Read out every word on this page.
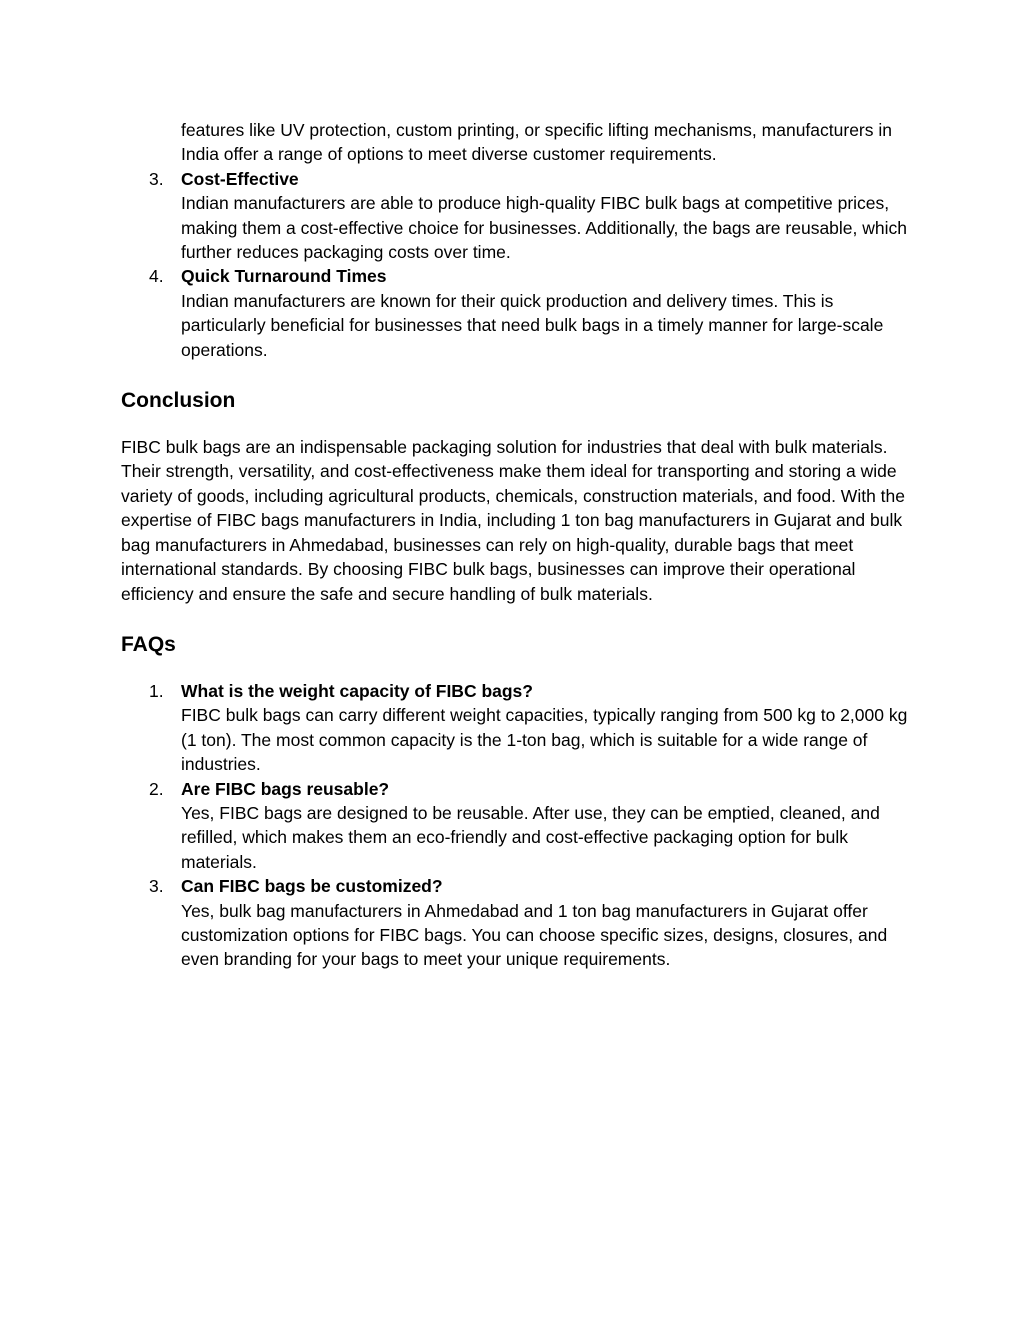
features like UV protection, custom printing, or specific lifting mechanisms, manufacturers in India offer a range of options to meet diverse customer requirements.

3. Cost-Effective

Indian manufacturers are able to produce high-quality FIBC bulk bags at competitive prices, making them a cost-effective choice for businesses. Additionally, the bags are reusable, which further reduces packaging costs over time.

4. Quick Turnaround Times

Indian manufacturers are known for their quick production and delivery times. This is particularly beneficial for businesses that need bulk bags in a timely manner for large-scale operations.

Conclusion

FIBC bulk bags are an indispensable packaging solution for industries that deal with bulk materials. Their strength, versatility, and cost-effectiveness make them ideal for transporting and storing a wide variety of goods, including agricultural products, chemicals, construction materials, and food. With the expertise of FIBC bags manufacturers in India, including 1 ton bag manufacturers in Gujarat and bulk bag manufacturers in Ahmedabad, businesses can rely on high-quality, durable bags that meet international standards. By choosing FIBC bulk bags, businesses can improve their operational efficiency and ensure the safe and secure handling of bulk materials.

FAQs
1. What is the weight capacity of FIBC bags?

FIBC bulk bags can carry different weight capacities, typically ranging from 500 kg to 2,000 kg (1 ton). The most common capacity is the 1-ton bag, which is suitable for a wide range of industries.

2. Are FIBC bags reusable?

Yes, FIBC bags are designed to be reusable. After use, they can be emptied, cleaned, and refilled, which makes them an eco-friendly and cost-effective packaging option for bulk materials.

3. Can FIBC bags be customized?

Yes, bulk bag manufacturers in Ahmedabad and 1 ton bag manufacturers in Gujarat offer customization options for FIBC bags. You can choose specific sizes, designs, closures, and even branding for your bags to meet your unique requirements.
